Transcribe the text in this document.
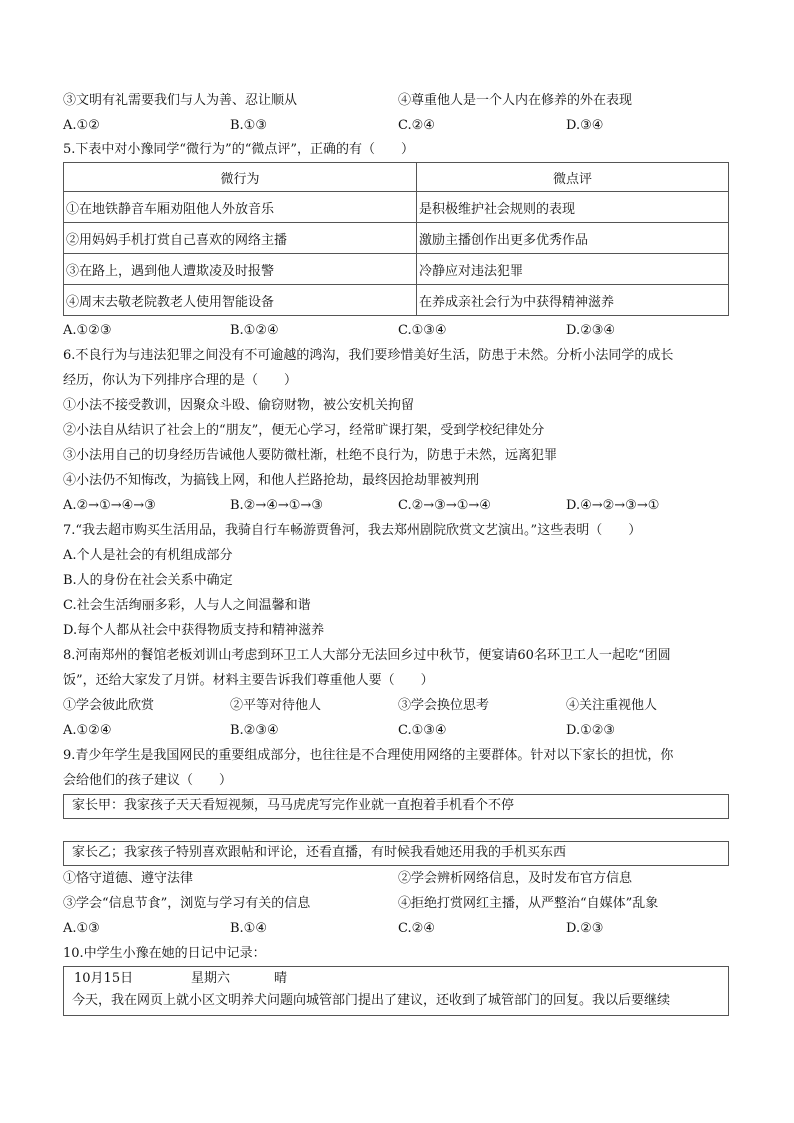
③文明有礼需要我们与人为善、忍让顺从	④尊重他人是一个人内在修养的外在表现
A.①②	B.①③	C.②④	D.③④
5.下表中对小豫同学“微行为”的“微点评”，正确的有（　　）
微行为	微点评
①在地铁静音车厢劝阻他人外放音乐	是积极维护社会规则的表现
②用妈妈手机打赏自己喜欢的网络主播	激励主播创作出更多优秀作品
③在路上，遇到他人遭欺凌及时报警	冷静应对违法犯罪
④周末去敬老院教老人使用智能设备	在养成亲社会行为中获得精神滋养
A.①②③	B.①②④	C.①③④	D.②③④
6.不良行为与违法犯罪之间没有不可逾越的鸿沟，我们要珍惜美好生活，防患于未然。分析小法同学的成长
经历，你认为下列排序合理的是（　　）
①小法不接受教训，因聚众斗殴、偷窃财物，被公安机关拘留
②小法自从结识了社会上的“朋友”，便无心学习，经常旷课打架，受到学校纪律处分
③小法用自己的切身经历告诫他人要防微杜渐，杜绝不良行为，防患于未然，远离犯罪
④小法仍不知悔改，为搞钱上网，和他人拦路抢劫，最终因抢劫罪被判刑
A.②→①→④→③	B.②→④→①→③	C.②→③→①→④	D.④→②→③→①
7.“我去超市购买生活用品，我骑自行车畅游贾鲁河，我去郑州剧院欣赏文艺演出。”这些表明（　　）
A.个人是社会的有机组成部分
B.人的身份在社会关系中确定
C.社会生活绚丽多彩，人与人之间温馨和谐
D.每个人都从社会中获得物质支持和精神滋养
8.河南郑州的餐馆老板刘训山考虑到环卫工人大部分无法回乡过中秋节，便宴请60名环卫工人一起吃“团圆
饭”，还给大家发了月饼。材料主要告诉我们尊重他人要（　　）
①学会彼此欣赏	②平等对待他人	③学会换位思考	④关注重视他人
A.①②④	B.②③④	C.①③④	D.①②③
9.青少年学生是我国网民的重要组成部分，也往往是不合理使用网络的主要群体。针对以下家长的担忧，你
会给他们的孩子建议（　　）
家长甲：我家孩子天天看短视频，马马虎虎写完作业就一直抱着手机看个不停
家长乙；我家孩子特别喜欢跟帖和评论，还看直播，有时候我看她还用我的手机买东西
①恪守道德、遵守法律	②学会辨析网络信息，及时发布官方信息
③学会“信息节食”，浏览与学习有关的信息	④拒绝打赏网红主播，从严整治“自媒体”乱象
A.①③	B.①④	C.②④	D.②③
10.中学生小豫在她的日记中记录：
10月15日	星期六	晴
今天，我在网页上就小区文明养犬问题向城管部门提出了建议，还收到了城管部门的回复。我以后要继续
